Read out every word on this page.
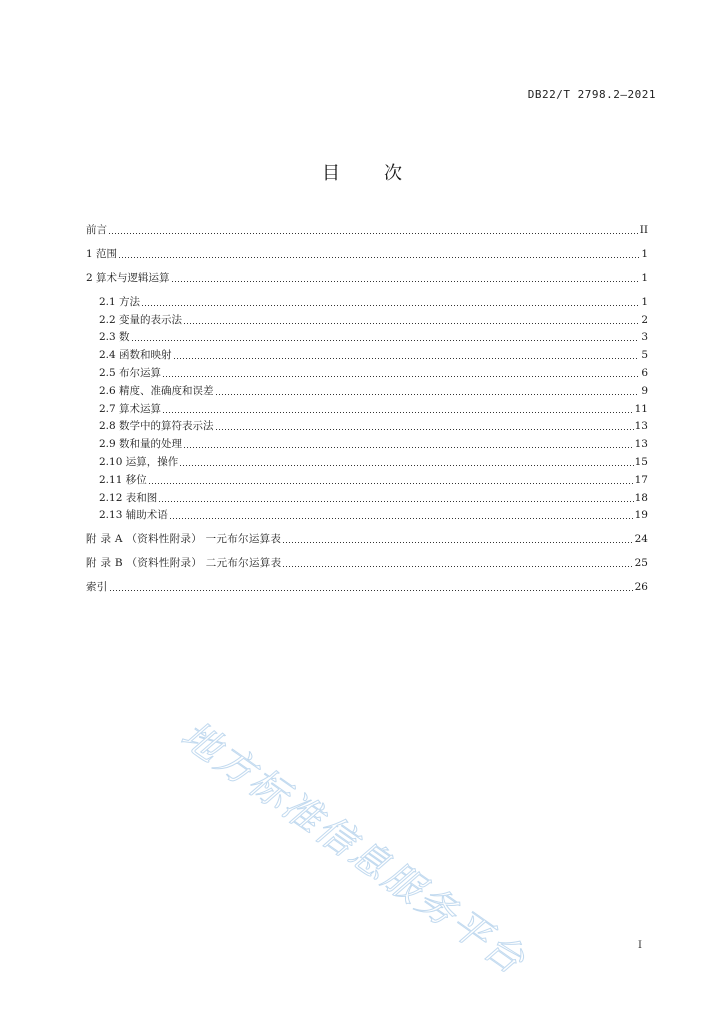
DB22/T 2798.2—2021
目 次
前言	II
1 范围	1
2 算术与逻辑运算	1
2.1 方法	1
2.2 变量的表示法	2
2.3 数	3
2.4 函数和映射	5
2.5 布尔运算	6
2.6 精度、准确度和误差	9
2.7 算术运算	11
2.8 数学中的算符表示法	13
2.9 数和量的处理	13
2.10 运算，操作	15
2.11 移位	17
2.12 表和图	18
2.13 辅助术语	19
附 录 A （资料性附录） 一元布尔运算表	24
附 录 B （资料性附录） 二元布尔运算表	25
索引	26
地方标准信息服务平台	I
